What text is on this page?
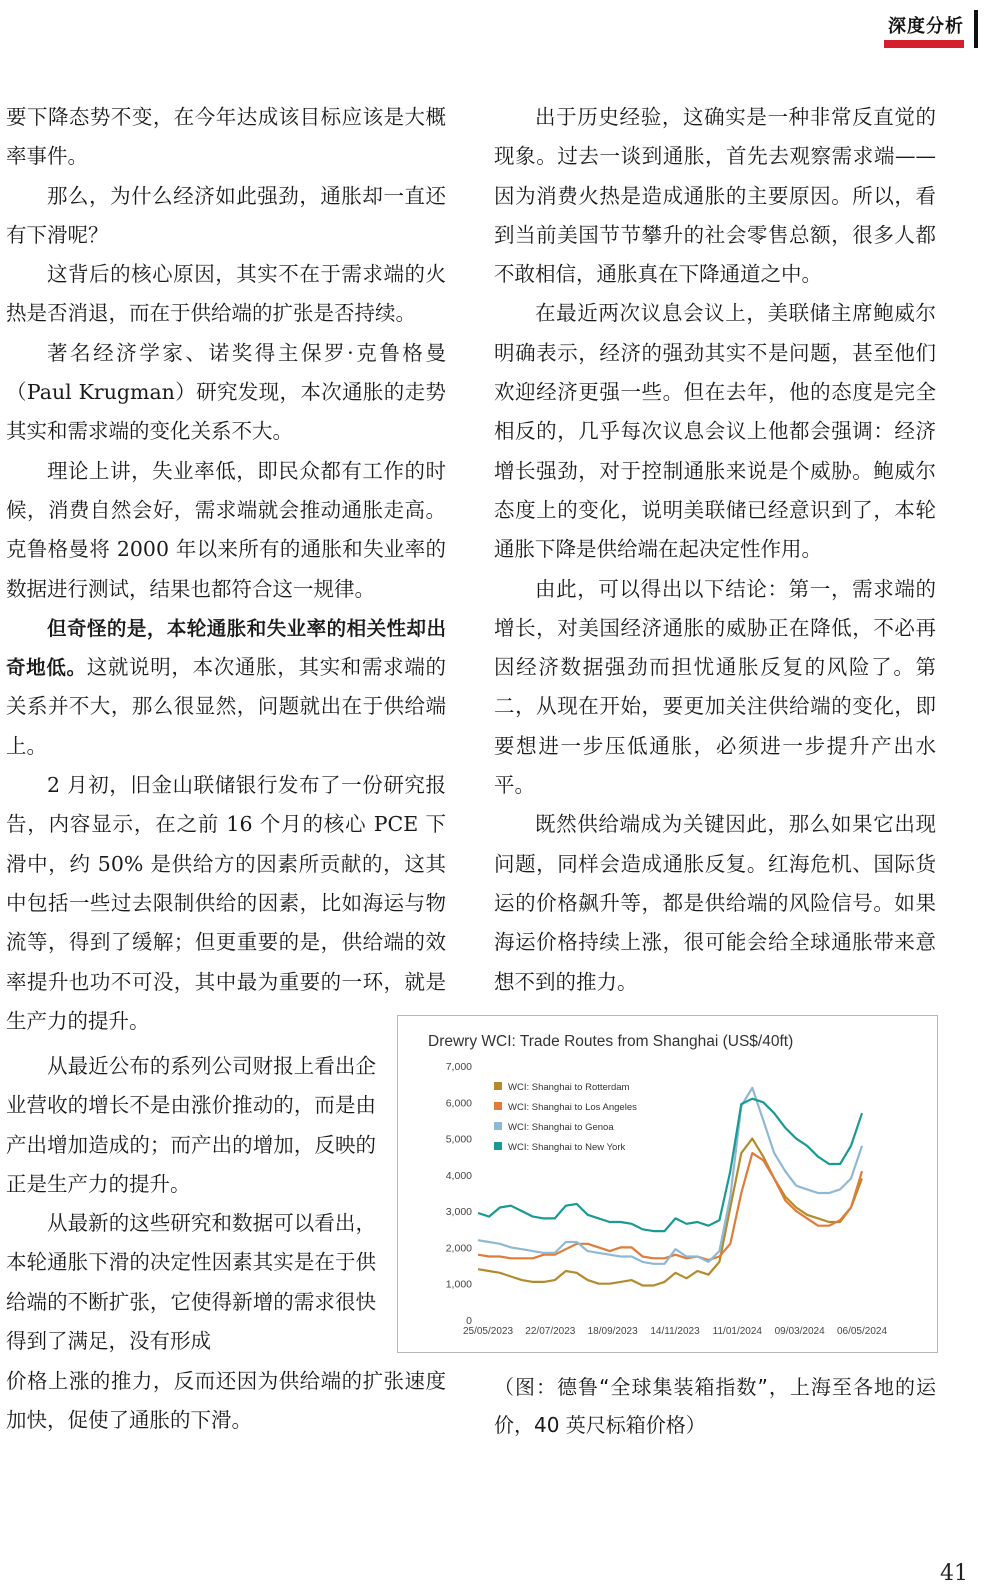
深度分析

要下降态势不变，在今年达成该目标应该是大概率事件。

那么，为什么经济如此强劲，通胀却一直还有下滑呢？

这背后的核心原因，其实不在于需求端的火热是否消退，而在于供给端的扩张是否持续。

著名经济学家、诺奖得主保罗·克鲁格曼（Paul Krugman）研究发现，本次通胀的走势其实和需求端的变化关系不大。

理论上讲，失业率低，即民众都有工作的时候，消费自然会好，需求端就会推动通胀走高。克鲁格曼将 2000 年以来所有的通胀和失业率的数据进行测试，结果也都符合这一规律。

但奇怪的是，本轮通胀和失业率的相关性却出奇地低。这就说明，本次通胀，其实和需求端的关系并不大，那么很显然，问题就出在于供给端上。

2 月初，旧金山联储银行发布了一份研究报告，内容显示，在之前 16 个月的核心 PCE 下滑中，约 50% 是供给方的因素所贡献的，这其中包括一些过去限制供给的因素，比如海运与物流等，得到了缓解；但更重要的是，供给端的效率提升也功不可没，其中最为重要的一环，就是生产力的提升。

从最近公布的系列公司财报上看出企业营收的增长不是由涨价推动的，而是由产出增加造成的；而产出的增加，反映的正是生产力的提升。

从最新的这些研究和数据可以看出，本轮通胀下滑的决定性因素其实是在于供给端的不断扩张，它使得新增的需求很快得到了满足，没有形成

价格上涨的推力，反而还因为供给端的扩张速度加快，促使了通胀的下滑。

出于历史经验，这确实是一种非常反直觉的现象。过去一谈到通胀，首先去观察需求端——因为消费火热是造成通胀的主要原因。所以，看到当前美国节节攀升的社会零售总额，很多人都不敢相信，通胀真在下降通道之中。

在最近两次议息会议上，美联储主席鲍威尔明确表示，经济的强劲其实不是问题，甚至他们欢迎经济更强一些。但在去年，他的态度是完全相反的，几乎每次议息会议上他都会强调：经济增长强劲，对于控制通胀来说是个威胁。鲍威尔态度上的变化，说明美联储已经意识到了，本轮通胀下降是供给端在起决定性作用。

由此，可以得出以下结论：第一，需求端的增长，对美国经济通胀的威胁正在降低，不必再因经济数据强劲而担忧通胀反复的风险了。第二，从现在开始，要更加关注供给端的变化，即要想进一步压低通胀，必须进一步提升产出水平。

既然供给端成为关键因此，那么如果它出现问题，同样会造成通胀反复。红海危机、国际货运的价格飙升等，都是供给端的风险信号。如果海运价格持续上涨，很可能会给全球通胀带来意想不到的推力。

Drewry WCI: Trade Routes from Shanghai (US$/40ft)
0
1,000
2,000
3,000
4,000
5,000
6,000
7,000
25/05/2023 22/07/2023 18/09/2023 14/11/2023 11/01/2024 09/03/2024 06/05/2024
WCI: Shanghai to Rotterdam
WCI: Shanghai to Los Angeles
WCI: Shanghai to Genoa
WCI: Shanghai to New York
（图：德鲁“全球集装箱指数”，上海至各地的运价，40 英尺标箱价格）
41
